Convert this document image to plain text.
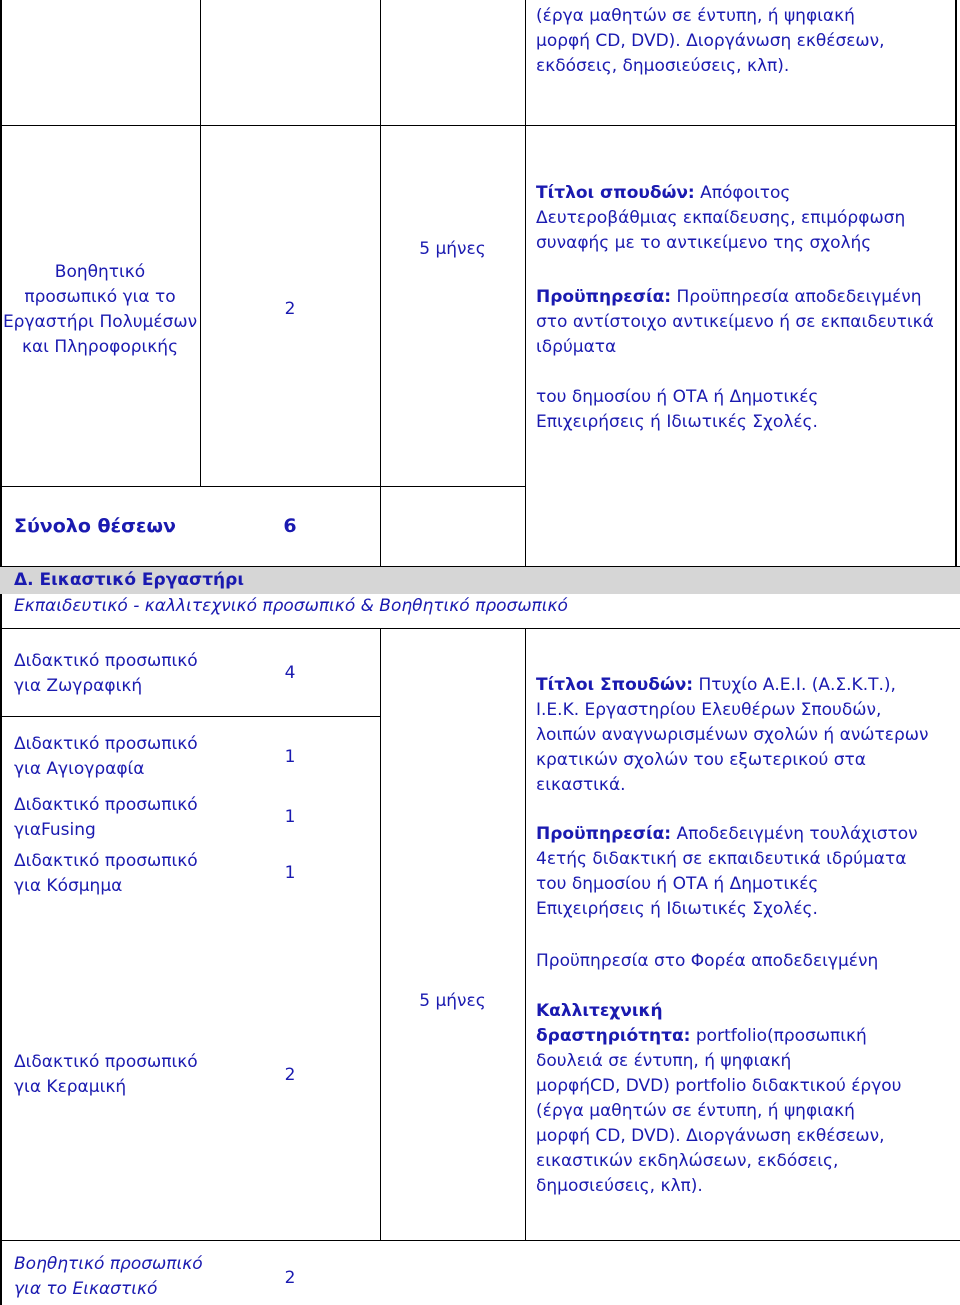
(έργα μαθητών σε έντυπη, ή ψηφιακή
μορφή CD, DVD). Διοργάνωση εκθέσεων,
εκδόσεις, δημοσιεύσεις, κλπ).
Βοηθητικό
προσωπικό για το
Εργαστήρι Πολυμέσων
και Πληροφορικής
2
5 μήνες
Τίτλοι σπουδών: Απόφοιτος
Δευτεροβάθμιας εκπαίδευσης, επιμόρφωση
συναφής με το αντικείμενο της σχολής
Προϋπηρεσία: Προϋπηρεσία αποδεδειγμένη
στο αντίστοιχο αντικείμενο ή σε εκπαιδευτικά
ιδρύματα
του δημοσίου ή ΟΤΑ ή Δημοτικές
Επιχειρήσεις ή Ιδιωτικές Σχολές.
Σύνολο θέσεων	6
Δ. Εικαστικό Εργαστήρι
Εκπαιδευτικό - καλλιτεχνικό προσωπικό & Βοηθητικό προσωπικό
Διδακτικό προσωπικό
για Ζωγραφική
Διδακτικό προσωπικό
για Αγιογραφία
Διδακτικό προσωπικό
γιαFusing
Διδακτικό προσωπικό
για Κόσμημα
Διδακτικό προσωπικό
για Κεραμική
4
1
1
1
2
5 μήνες
Τίτλοι Σπουδών: Πτυχίο Α.Ε.Ι. (Α.Σ.Κ.Τ.),
Ι.Ε.Κ. Εργαστηρίου Ελευθέρων Σπουδών,
λοιπών αναγνωρισμένων σχολών ή ανώτερων
κρατικών σχολών του εξωτερικού στα
εικαστικά.
Προϋπηρεσία: Αποδεδειγμένη τουλάχιστον
4ετής διδακτική σε εκπαιδευτικά ιδρύματα
του δημοσίου ή ΟΤΑ ή Δημοτικές
Επιχειρήσεις ή Ιδιωτικές Σχολές.
Προϋπηρεσία στο Φορέα αποδεδειγμένη
Καλλιτεχνική
δραστηριότητα: portfolio(προσωπική
δουλειά σε έντυπη, ή ψηφιακή
μορφήCD, DVD) portfolio διδακτικού έργου
(έργα μαθητών σε έντυπη, ή ψηφιακή
μορφή CD, DVD). Διοργάνωση εκθέσεων,
εικαστικών εκδηλώσεων, εκδόσεις,
δημοσιεύσεις, κλπ).
Βοηθητικό προσωπικό
για το Εικαστικό
2
